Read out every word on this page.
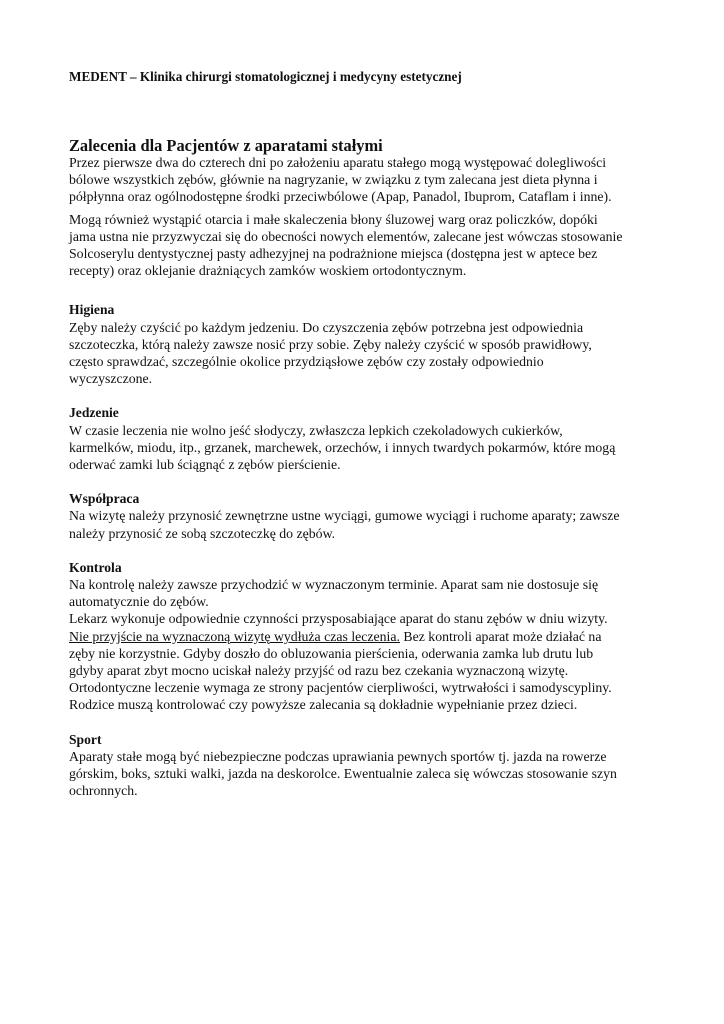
MEDENT – Klinika chirurgi stomatologicznej i medycyny estetycznej
Zalecenia dla Pacjentów z aparatami stałymi

Przez pierwsze dwa do czterech dni po założeniu aparatu stałego mogą występować dolegliwości
bólowe wszystkich zębów, głównie na nagryzanie, w związku z tym zalecana jest dieta płynna i
półpłynna oraz ogólnodostępne środki przeciwbólowe (Apap, Panadol, Ibuprom, Cataflam i inne).

Mogą również wystąpić otarcia i małe skaleczenia błony śluzowej warg oraz policzków, dopóki
jama ustna nie przyzwyczai się do obecności nowych elementów, zalecane jest wówczas stosowanie
Solcoserylu dentystycznej pasty adhezyjnej na podrażnione miejsca (dostępna jest w aptece bez
recepty) oraz oklejanie drażniących zamków woskiem ortodontycznym.

Higiena
Zęby należy czyścić po każdym jedzeniu. Do czyszczenia zębów potrzebna jest odpowiednia
szczoteczka, którą należy zawsze nosić przy sobie. Zęby należy czyścić w sposób prawidłowy,
często sprawdzać, szczególnie okolice przydziąsłowe zębów czy zostały odpowiednio
wyczyszczone.
Jedzenie
W czasie leczenia nie wolno jeść słodyczy, zwłaszcza lepkich czekoladowych cukierków,
karmelków, miodu, itp., grzanek, marchewek, orzechów, i innych twardych pokarmów, które mogą
oderwać zamki lub ściągnąć z zębów pierścienie.
Współpraca
Na wizytę należy przynosić zewnętrzne ustne wyciągi, gumowe wyciągi i ruchome aparaty; zawsze
należy przynosić ze sobą szczoteczkę do zębów.
Kontrola
Na kontrolę należy zawsze przychodzić w wyznaczonym terminie. Aparat sam nie dostosuje się
automatycznie do zębów.
Lekarz wykonuje odpowiednie czynności przysposabiające aparat do stanu zębów w dniu wizyty.
Nie przyjście na wyznaczoną wizytę wydłuża czas leczenia. Bez kontroli aparat może działać na
zęby nie korzystnie. Gdyby doszło do obluzowania pierścienia, oderwania zamka lub drutu lub
gdyby aparat zbyt mocno uciskał należy przyjść od razu bez czekania wyznaczoną wizytę.
Ortodontyczne leczenie wymaga ze strony pacjentów cierpliwości, wytrwałości i samodyscypliny.
Rodzice muszą kontrolować czy powyższe zalecania są dokładnie wypełnianie przez dzieci.
Sport
Aparaty stałe mogą być niebezpieczne podczas uprawiania pewnych sportów tj. jazda na rowerze
górskim, boks, sztuki walki, jazda na deskorolce. Ewentualnie zaleca się wówczas stosowanie szyn
ochronnych.
